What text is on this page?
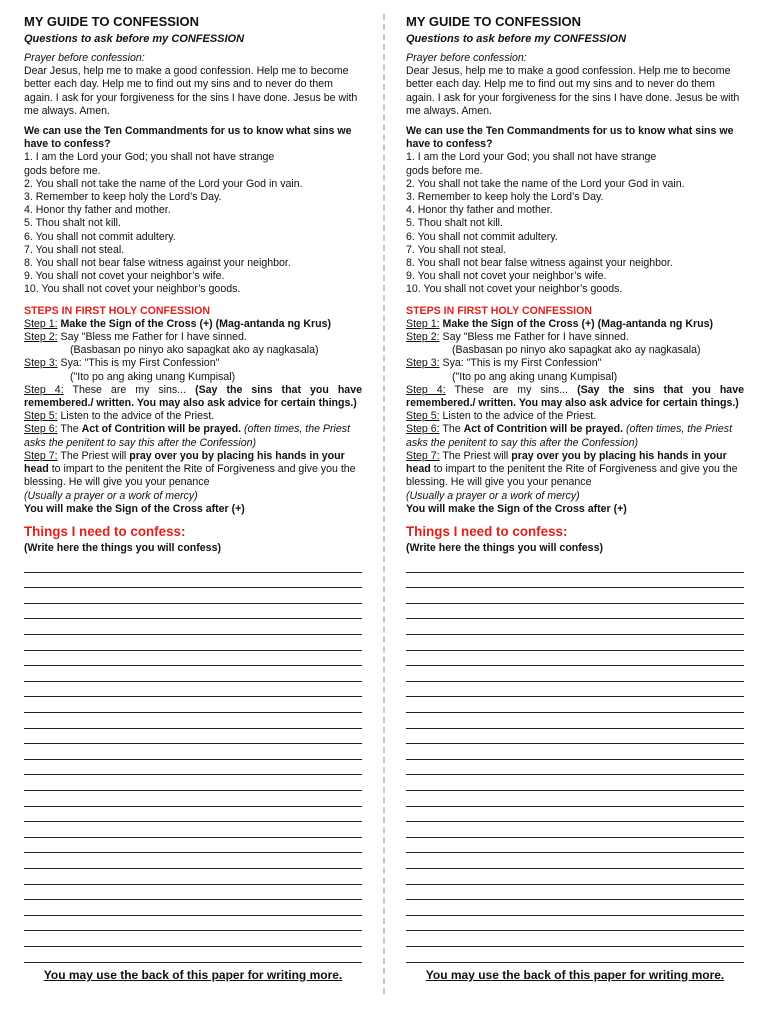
MY GUIDE TO CONFESSION

Questions to ask before my CONFESSION

Prayer before confession:
Dear Jesus, help me to make a good confession. Help me to become better each day. Help me to find out my sins and to never do them again. I ask for your forgiveness for the sins I have done. Jesus be with me always. Amen.
We can use the Ten Commandments for us to know what sins we have to confess?

1. I am the Lord your God; you shall not have strange

gods before me.

2. You shall not take the name of the Lord your God in vain.

3. Remember to keep holy the Lord’s Day.

4. Honor thy father and mother.

5. Thou shalt not kill.

6. You shall not commit adultery.

7. You shall not steal.

8. You shall not bear false witness against your neighbor.

9. You shall not covet your neighbor’s wife.

10. You shall not covet your neighbor’s goods.

STEPS IN FIRST HOLY CONFESSION

Step 1: Make the Sign of the Cross (+) (Mag-antanda ng Krus)

Step 2: Say "Bless me Father for I have sinned.

(Basbasan po ninyo ako sapagkat ako ay nagkasala)

Step 3: Sya: "This is my First Confession"

("Ito po ang aking unang Kumpisal)

Step 4: These are my sins... (Say the sins that you have remembered./ written. You may also ask advice for certain things.)

Step 5: Listen to the advice of the Priest.

Step 6: The Act of Contrition will be prayed. (often times, the Priest asks the penitent to say this after the Confession)

Step 7: The Priest will pray over you by placing his hands in your head to impart to the penitent the Rite of Forgiveness and give you the blessing. He will give you your penance

(Usually a prayer or a work of mercy)

You will make the Sign of the Cross after (+)

Things I need to confess:
(Write here the things you will confess)
You may use the back of this paper for writing more.

MY GUIDE TO CONFESSION

Questions to ask before my CONFESSION

Prayer before confession:
Dear Jesus, help me to make a good confession. Help me to become better each day. Help me to find out my sins and to never do them again. I ask for your forgiveness for the sins I have done. Jesus be with me always. Amen.
We can use the Ten Commandments for us to know what sins we have to confess?

1. I am the Lord your God; you shall not have strange

gods before me.

2. You shall not take the name of the Lord your God in vain.

3. Remember to keep holy the Lord’s Day.

4. Honor thy father and mother.

5. Thou shalt not kill.

6. You shall not commit adultery.

7. You shall not steal.

8. You shall not bear false witness against your neighbor.

9. You shall not covet your neighbor’s wife.

10. You shall not covet your neighbor’s goods.

STEPS IN FIRST HOLY CONFESSION

Step 1: Make the Sign of the Cross (+) (Mag-antanda ng Krus)

Step 2: Say "Bless me Father for I have sinned.

(Basbasan po ninyo ako sapagkat ako ay nagkasala)

Step 3: Sya: "This is my First Confession"

("Ito po ang aking unang Kumpisal)

Step 4: These are my sins... (Say the sins that you have remembered./ written. You may also ask advice for certain things.)

Step 5: Listen to the advice of the Priest.

Step 6: The Act of Contrition will be prayed. (often times, the Priest asks the penitent to say this after the Confession)

Step 7: The Priest will pray over you by placing his hands in your head to impart to the penitent the Rite of Forgiveness and give you the blessing. He will give you your penance

(Usually a prayer or a work of mercy)

You will make the Sign of the Cross after (+)

Things I need to confess:
(Write here the things you will confess)
You may use the back of this paper for writing more.
